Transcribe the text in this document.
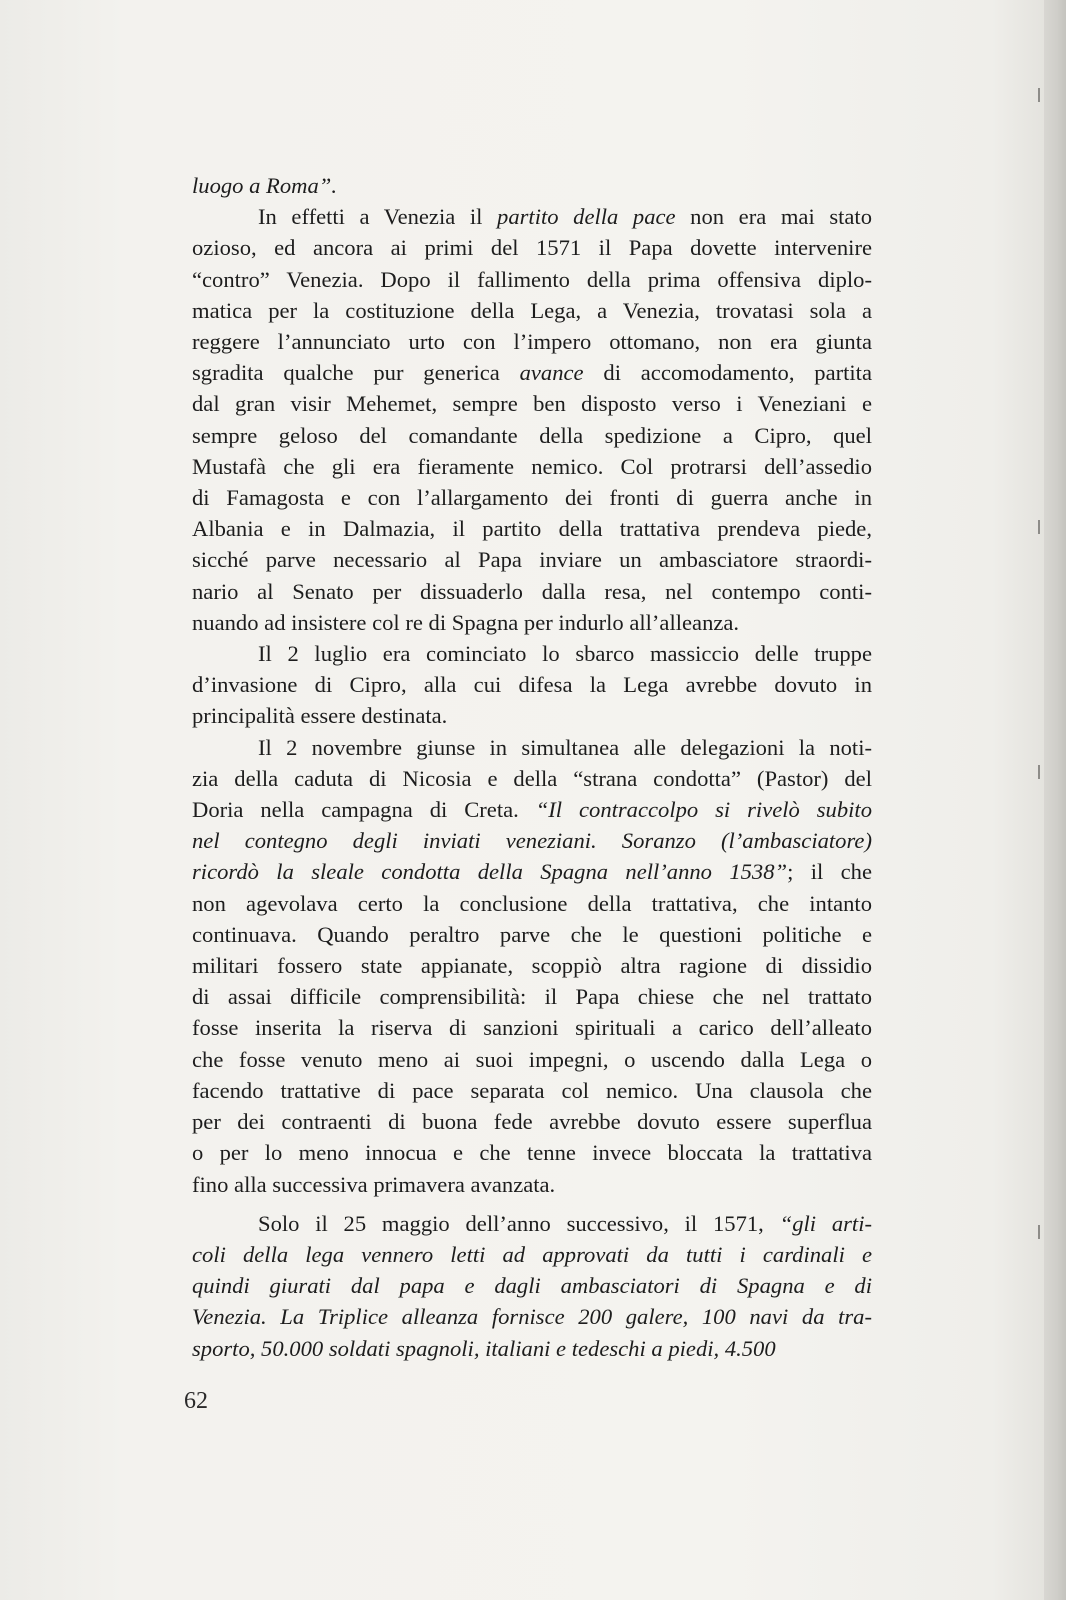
luogo a Roma”.
In effetti a Venezia il partito della pace non era mai stato
ozioso, ed ancora ai primi del 1571 il Papa dovette intervenire
“contro” Venezia. Dopo il fallimento della prima offensiva diplo-
matica per la costituzione della Lega, a Venezia, trovatasi sola a
reggere l’annunciato urto con l’impero ottomano, non era giunta
sgradita qualche pur generica avance di accomodamento, partita
dal gran visir Mehemet, sempre ben disposto verso i Veneziani e
sempre geloso del comandante della spedizione a Cipro, quel
Mustafà che gli era fieramente nemico. Col protrarsi dell’assedio
di Famagosta e con l’allargamento dei fronti di guerra anche in
Albania e in Dalmazia, il partito della trattativa prendeva piede,
sicché parve necessario al Papa inviare un ambasciatore straordi-
nario al Senato per dissuaderlo dalla resa, nel contempo conti-
nuando ad insistere col re di Spagna per indurlo all’alleanza.
Il 2 luglio era cominciato lo sbarco massiccio delle truppe
d’invasione di Cipro, alla cui difesa la Lega avrebbe dovuto in
principalità essere destinata.
Il 2 novembre giunse in simultanea alle delegazioni la noti-
zia della caduta di Nicosia e della “strana condotta” (Pastor) del
Doria nella campagna di Creta. “Il contraccolpo si rivelò subito
nel contegno degli inviati veneziani. Soranzo (l’ambasciatore)
ricordò la sleale condotta della Spagna nell’anno 1538”; il che
non agevolava certo la conclusione della trattativa, che intanto
continuava. Quando peraltro parve che le questioni politiche e
militari fossero state appianate, scoppiò altra ragione di dissidio
di assai difficile comprensibilità: il Papa chiese che nel trattato
fosse inserita la riserva di sanzioni spirituali a carico dell’alleato
che fosse venuto meno ai suoi impegni, o uscendo dalla Lega o
facendo trattative di pace separata col nemico. Una clausola che
per dei contraenti di buona fede avrebbe dovuto essere superflua
o per lo meno innocua e che tenne invece bloccata la trattativa
fino alla successiva primavera avanzata.
Solo il 25 maggio dell’anno successivo, il 1571, “gli arti-
coli della lega vennero letti ad approvati da tutti i cardinali e
quindi giurati dal papa e dagli ambasciatori di Spagna e di
Venezia. La Triplice alleanza fornisce 200 galere, 100 navi da tra-
sporto, 50.000 soldati spagnoli, italiani e tedeschi a piedi, 4.500
62
